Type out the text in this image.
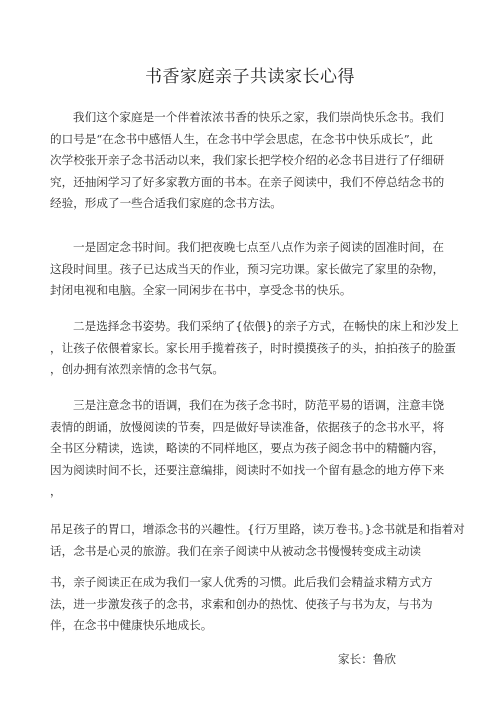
书香家庭亲子共读家长心得

我们这个家庭是一个伴着浓浓书香的快乐之家，我们崇尚快乐念书。我们
的口号是“在念书中感悟人生，在念书中学会思虑，在念书中快乐成长”，此
次学校张开亲子念书活动以来，我们家长把学校介绍的必念书目进行了仔细研
究，还抽闲学习了好多家教方面的书本。在亲子阅读中，我们不停总结念书的
经验，形成了一些合适我们家庭的念书方法。

一是固定念书时间。我们把夜晚七点至八点作为亲子阅读的固准时间，在
这段时间里。孩子已达成当天的作业，预习完功课。家长做完了家里的杂物，
封闭电视和电脑。全家一同闲步在书中，享受念书的快乐。

二是选择念书姿势。我们采纳了{依偎}的亲子方式，在畅快的床上和沙发上
，让孩子依偎着家长。家长用手揽着孩子，时时摸摸孩子的头，拍拍孩子的脸蛋
，创办拥有浓烈亲情的念书气氛。

三是注意念书的语调，我们在为孩子念书时，防范平易的语调，注意丰饶
表情的朗诵，放慢阅读的节奏，四是做好导读准备，依据孩子的念书水平，将
全书区分精读，选读，略读的不同样地区，要点为孩子阅念书中的精髓内容，
因为阅读时间不长，还要注意编排，阅读时不如找一个留有悬念的地方停下来
，

吊足孩子的胃口，增添念书的兴趣性。{行万里路，读万卷书。}念书就是和指着对
话，念书是心灵的旅游。我们在亲子阅读中从被动念书慢慢转变成主动读

书，亲子阅读正在成为我们一家人优秀的习惯。此后我们会精益求精方式方
法，进一步激发孩子的念书，求索和创办的热忱、使孩子与书为友，与书为
伴，在念书中健康快乐地成长。

家长：鲁欣
